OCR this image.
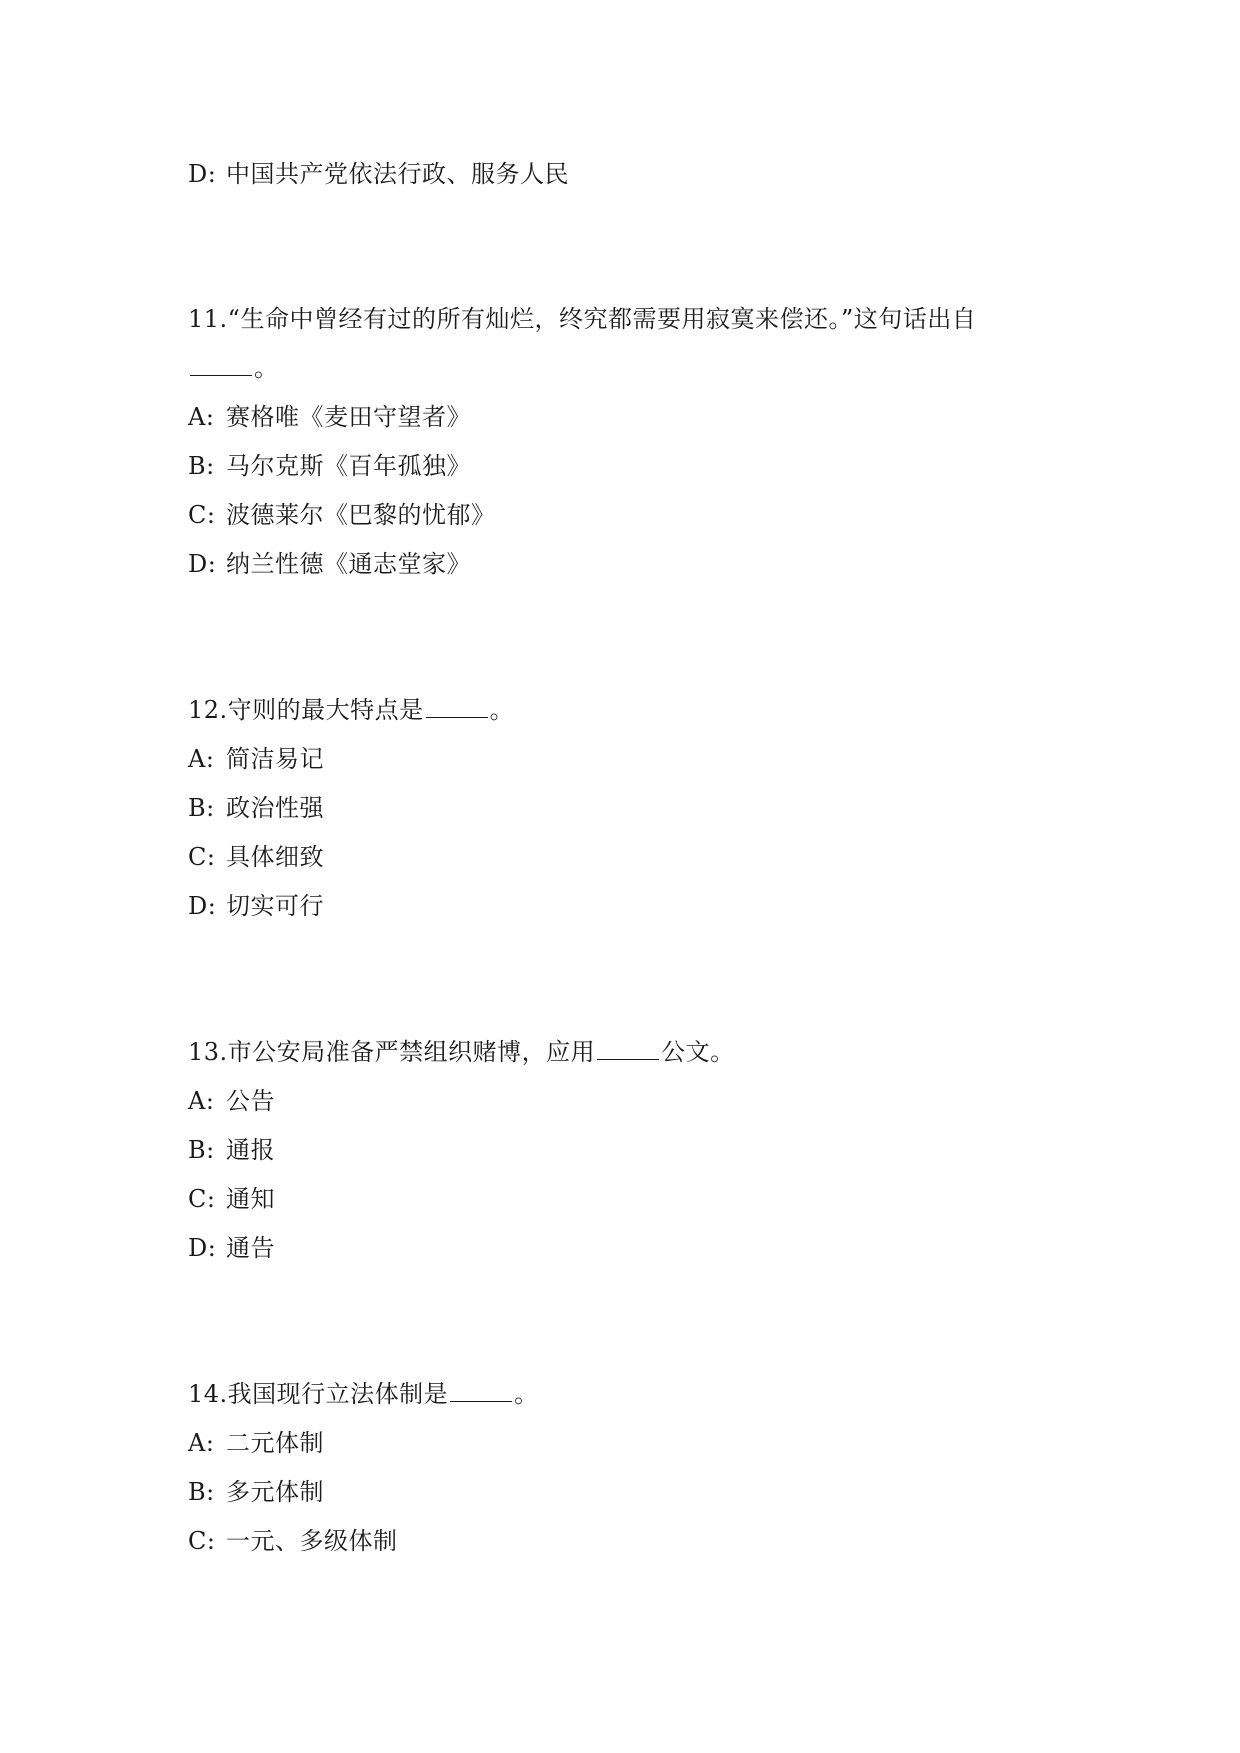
D: 中国共产党依法行政、服务人民
11.“生命中曾经有过的所有灿烂，终究都需要用寂寞来偿还。”这句话出自
。
A: 赛格唯《麦田守望者》
B: 马尔克斯《百年孤独》
C: 波德莱尔《巴黎的忧郁》
D: 纳兰性德《通志堂家》
12.守则的最大特点是	。
A: 简洁易记
B: 政治性强
C: 具体细致
D: 切实可行
13.市公安局准备严禁组织赌博，应用	公文。
A: 公告
B: 通报
C: 通知
D: 通告
14.我国现行立法体制是	。
A: 二元体制
B: 多元体制
C: 一元、多级体制
